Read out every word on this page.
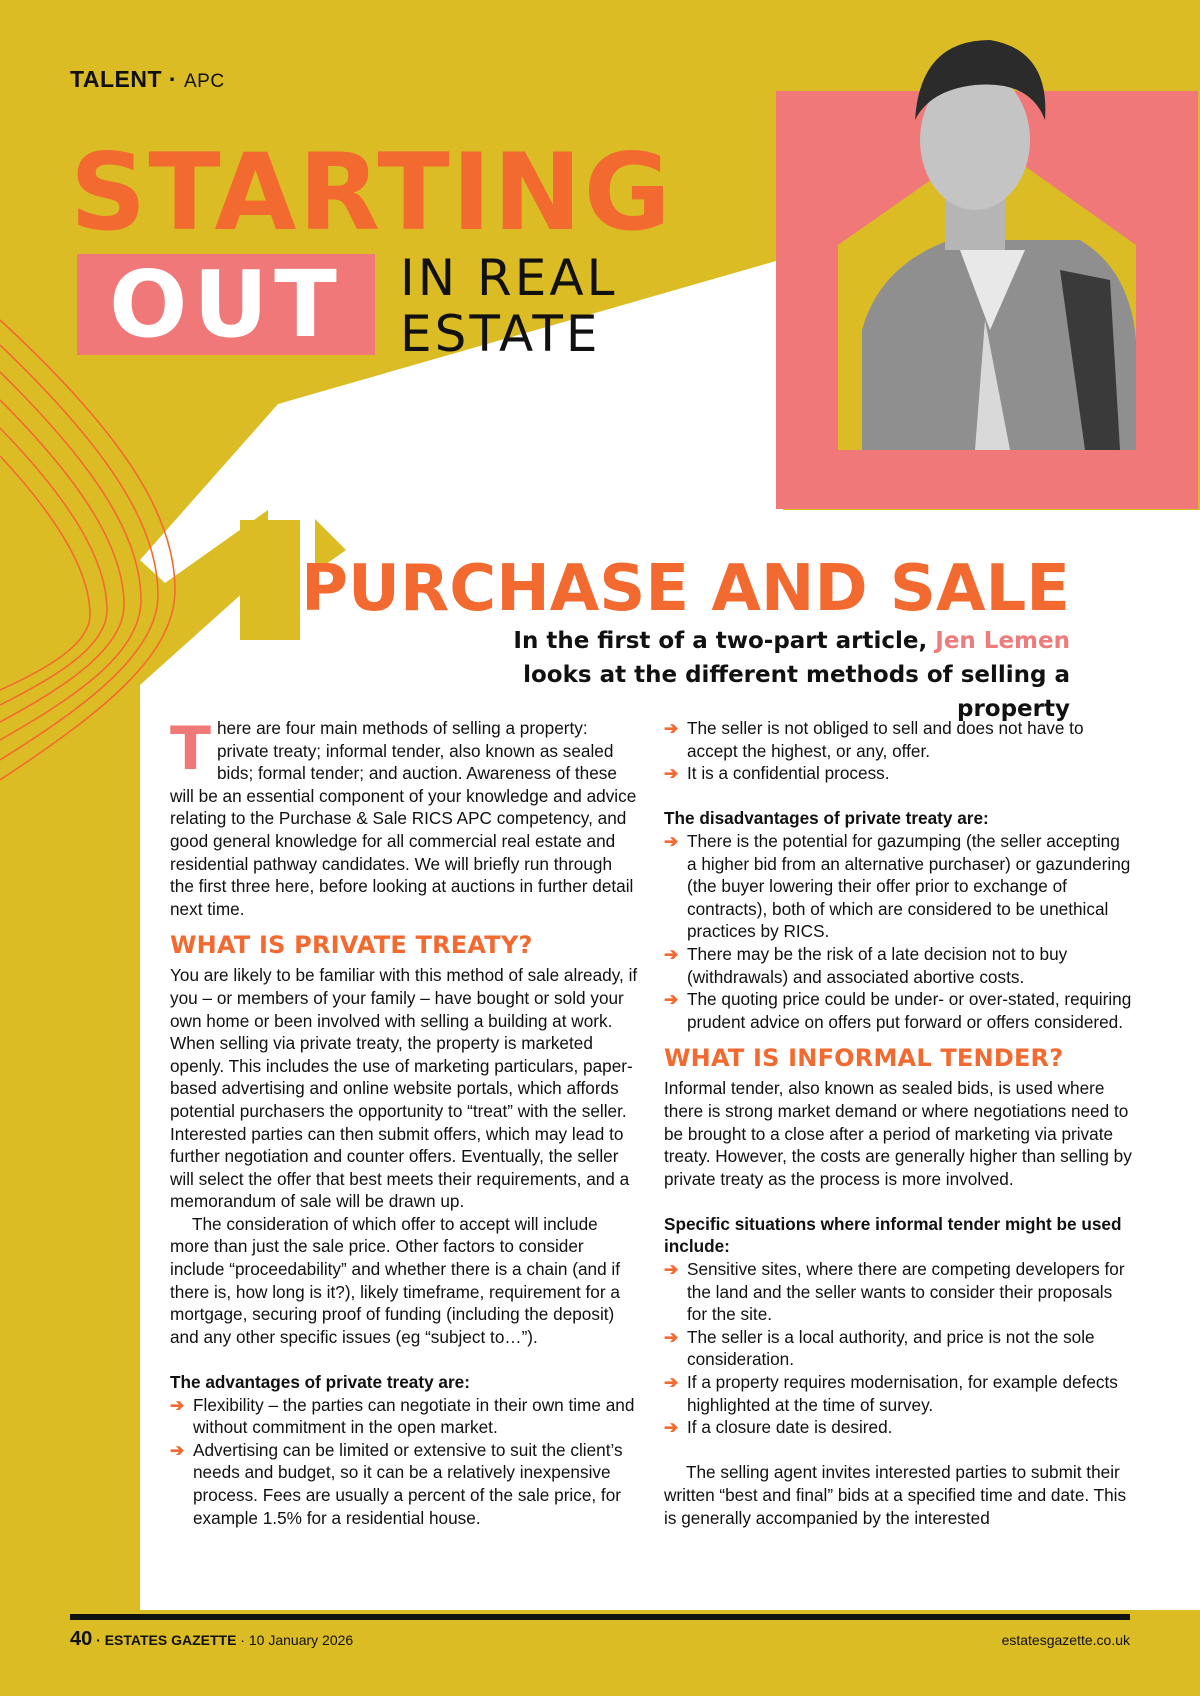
TALENT · APC
STARTING
OUT	IN REAL
ESTATE
PURCHASE AND SALE
In the first of a two-part article, Jen Lemen looks at the different methods of selling a property

There are four main methods of selling a property: private treaty; informal tender, also known as sealed bids; formal tender; and auction. Awareness of these will be an essential component of your knowledge and advice relating to the Purchase & Sale RICS APC competency, and good general knowledge for all commercial real estate and residential pathway candidates. We will briefly run through the first three here, before looking at auctions in further detail next time.

WHAT IS PRIVATE TREATY?

You are likely to be familiar with this method of sale already, if you – or members of your family – have bought or sold your own home or been involved with selling a building at work. When selling via private treaty, the property is marketed openly. This includes the use of marketing particulars, paper-based advertising and online website portals, which affords potential purchasers the opportunity to “treat” with the seller. Interested parties can then submit offers, which may lead to further negotiation and counter offers. Eventually, the seller will select the offer that best meets their requirements, and a memorandum of sale will be drawn up.

The consideration of which offer to accept will include more than just the sale price. Other factors to consider include “proceedability” and whether there is a chain (and if there is, how long is it?), likely timeframe, requirement for a mortgage, securing proof of funding (including the deposit) and any other specific issues (eg “subject to…”).

The advantages of private treaty are:

➔ Flexibility – the parties can negotiate in their own time and without commitment in the open market.
➔ Advertising can be limited or extensive to suit the client’s needs and budget, so it can be a relatively inexpensive process. Fees are usually a percent of the sale price, for example 1.5% for a residential house.
➔ The seller is not obliged to sell and does not have to accept the highest, or any, offer.
➔ It is a confidential process.

The disadvantages of private treaty are:

➔ There is the potential for gazumping (the seller accepting a higher bid from an alternative purchaser) or gazundering (the buyer lowering their offer prior to exchange of contracts), both of which are considered to be unethical practices by RICS.
➔ There may be the risk of a late decision not to buy (withdrawals) and associated abortive costs.
➔ The quoting price could be under- or over-stated, requiring prudent advice on offers put forward or offers considered.
WHAT IS INFORMAL TENDER?

Informal tender, also known as sealed bids, is used where there is strong market demand or where negotiations need to be brought to a close after a period of marketing via private treaty. However, the costs are generally higher than selling by private treaty as the process is more involved.

Specific situations where informal tender might be used include:

➔ Sensitive sites, where there are competing developers for the land and the seller wants to consider their proposals for the site.
➔ The seller is a local authority, and price is not the sole consideration.
➔ If a property requires modernisation, for example defects highlighted at the time of survey.
➔ If a closure date is desired.

The selling agent invites interested parties to submit their written “best and final” bids at a specified time and date. This is generally accompanied by the interested

40 · ESTATES GAZETTE · 10 January 2026	estatesgazette.co.uk
